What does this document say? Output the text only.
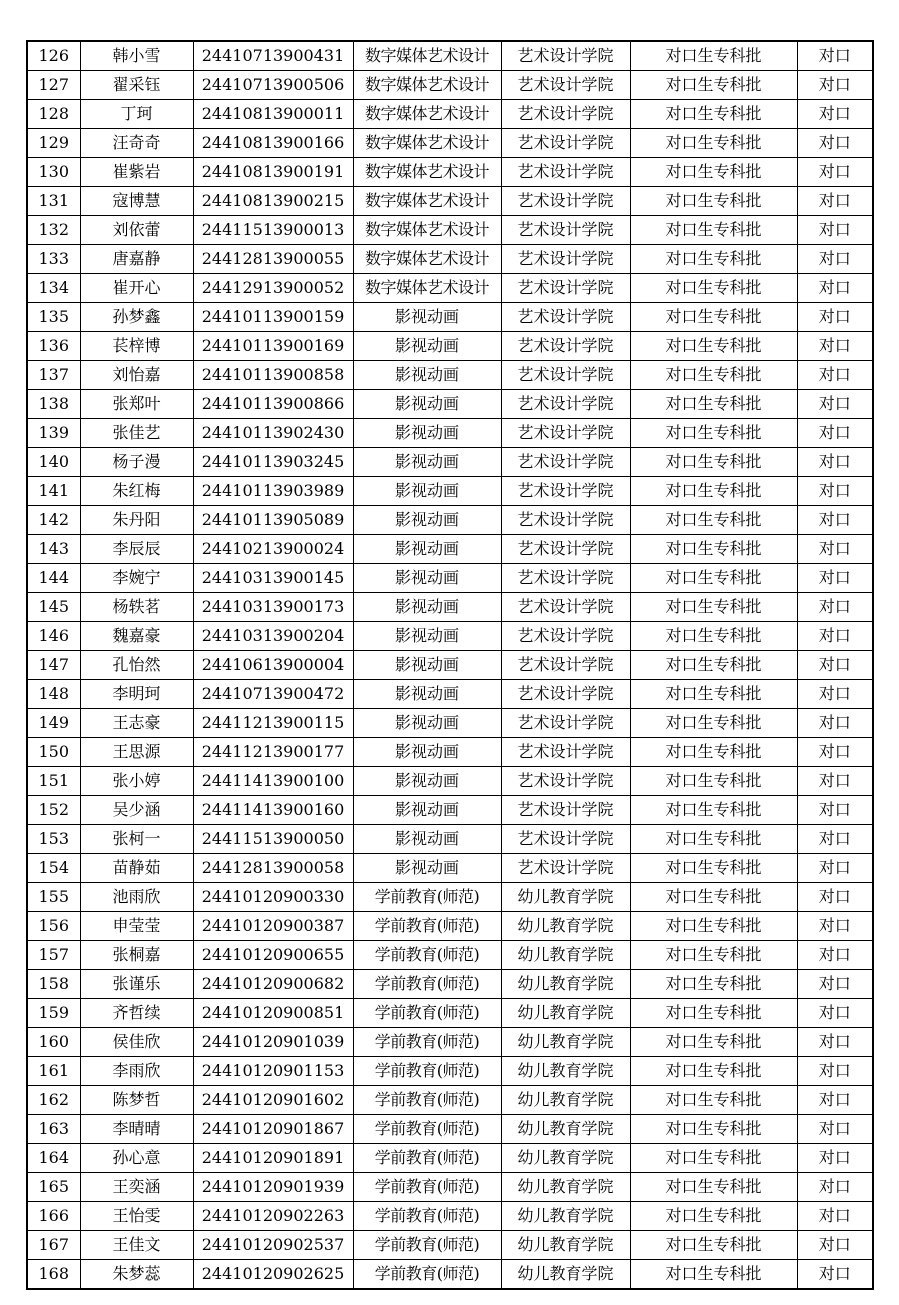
126	韩小雪	24410713900431	数字媒体艺术设计	艺术设计学院	对口生专科批	对口
127	翟采钰	24410713900506	数字媒体艺术设计	艺术设计学院	对口生专科批	对口
128	丁珂	24410813900011	数字媒体艺术设计	艺术设计学院	对口生专科批	对口
129	汪奇奇	24410813900166	数字媒体艺术设计	艺术设计学院	对口生专科批	对口
130	崔紫岩	24410813900191	数字媒体艺术设计	艺术设计学院	对口生专科批	对口
131	寇博慧	24410813900215	数字媒体艺术设计	艺术设计学院	对口生专科批	对口
132	刘依蕾	24411513900013	数字媒体艺术设计	艺术设计学院	对口生专科批	对口
133	唐嘉静	24412813900055	数字媒体艺术设计	艺术设计学院	对口生专科批	对口
134	崔开心	24412913900052	数字媒体艺术设计	艺术设计学院	对口生专科批	对口
135	孙梦鑫	24410113900159	影视动画	艺术设计学院	对口生专科批	对口
136	苌梓博	24410113900169	影视动画	艺术设计学院	对口生专科批	对口
137	刘怡嘉	24410113900858	影视动画	艺术设计学院	对口生专科批	对口
138	张郑叶	24410113900866	影视动画	艺术设计学院	对口生专科批	对口
139	张佳艺	24410113902430	影视动画	艺术设计学院	对口生专科批	对口
140	杨子漫	24410113903245	影视动画	艺术设计学院	对口生专科批	对口
141	朱红梅	24410113903989	影视动画	艺术设计学院	对口生专科批	对口
142	朱丹阳	24410113905089	影视动画	艺术设计学院	对口生专科批	对口
143	李辰辰	24410213900024	影视动画	艺术设计学院	对口生专科批	对口
144	李婉宁	24410313900145	影视动画	艺术设计学院	对口生专科批	对口
145	杨轶茗	24410313900173	影视动画	艺术设计学院	对口生专科批	对口
146	魏嘉豪	24410313900204	影视动画	艺术设计学院	对口生专科批	对口
147	孔怡然	24410613900004	影视动画	艺术设计学院	对口生专科批	对口
148	李明珂	24410713900472	影视动画	艺术设计学院	对口生专科批	对口
149	王志豪	24411213900115	影视动画	艺术设计学院	对口生专科批	对口
150	王思源	24411213900177	影视动画	艺术设计学院	对口生专科批	对口
151	张小婷	24411413900100	影视动画	艺术设计学院	对口生专科批	对口
152	吴少涵	24411413900160	影视动画	艺术设计学院	对口生专科批	对口
153	张柯一	24411513900050	影视动画	艺术设计学院	对口生专科批	对口
154	苗静茹	24412813900058	影视动画	艺术设计学院	对口生专科批	对口
155	池雨欣	24410120900330	学前教育(师范)	幼儿教育学院	对口生专科批	对口
156	申莹莹	24410120900387	学前教育(师范)	幼儿教育学院	对口生专科批	对口
157	张桐嘉	24410120900655	学前教育(师范)	幼儿教育学院	对口生专科批	对口
158	张谨乐	24410120900682	学前教育(师范)	幼儿教育学院	对口生专科批	对口
159	齐哲续	24410120900851	学前教育(师范)	幼儿教育学院	对口生专科批	对口
160	侯佳欣	24410120901039	学前教育(师范)	幼儿教育学院	对口生专科批	对口
161	李雨欣	24410120901153	学前教育(师范)	幼儿教育学院	对口生专科批	对口
162	陈梦哲	24410120901602	学前教育(师范)	幼儿教育学院	对口生专科批	对口
163	李晴晴	24410120901867	学前教育(师范)	幼儿教育学院	对口生专科批	对口
164	孙心意	24410120901891	学前教育(师范)	幼儿教育学院	对口生专科批	对口
165	王奕涵	24410120901939	学前教育(师范)	幼儿教育学院	对口生专科批	对口
166	王怡雯	24410120902263	学前教育(师范)	幼儿教育学院	对口生专科批	对口
167	王佳文	24410120902537	学前教育(师范)	幼儿教育学院	对口生专科批	对口
168	朱梦蕊	24410120902625	学前教育(师范)	幼儿教育学院	对口生专科批	对口
